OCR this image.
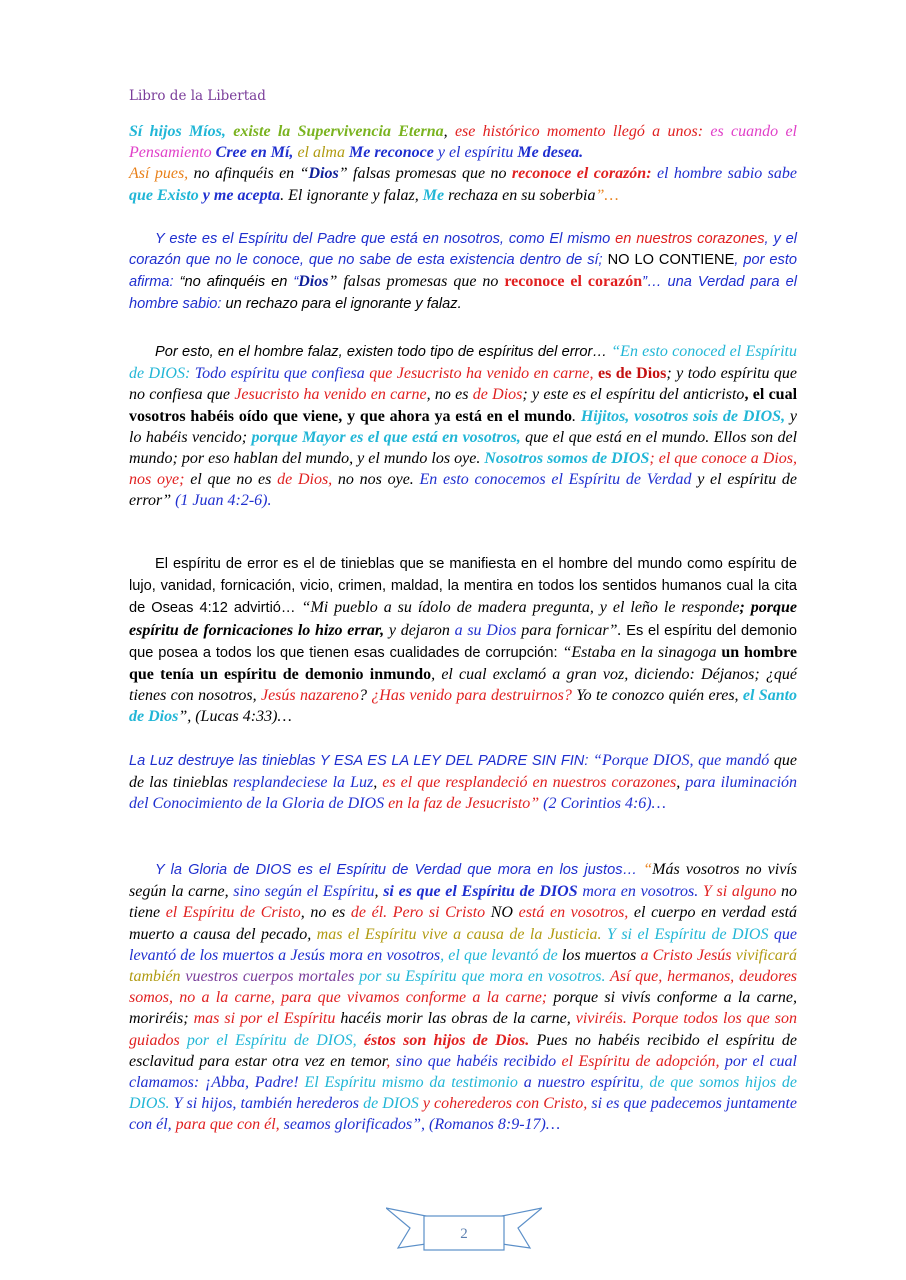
Libro de la Libertad

Sí hijos Míos, existe la Supervivencia Eterna, ese histórico momento llegó a unos: es cuando el Pensamiento Cree en Mí, el alma Me reconoce y el espíritu Me desea.
Así pues, no afinquéis en “Dios” falsas promesas que no reconoce el corazón: el hombre sabio sabe que Existo y me acepta. El ignorante y falaz, Me rechaza en su soberbia”…

Y este es el Espíritu del Padre que está en nosotros, como El mismo en nuestros corazones, y el corazón que no le conoce, que no sabe de esta existencia dentro de sí; NO LO CONTIENE, por esto afirma: “no afinquéis en “Dios” falsas promesas que no reconoce el corazón”… una Verdad para el hombre sabio: un rechazo para el ignorante y falaz.

Por esto, en el hombre falaz, existen todo tipo de espíritus del error… “En esto conoced el Espíritu de DIOS: Todo espíritu que confiesa que Jesucristo ha venido en carne, es de Dios; y todo espíritu que no confiesa que Jesucristo ha venido en carne, no es de Dios; y este es el espíritu del anticristo, el cual vosotros habéis oído que viene, y que ahora ya está en el mundo. Hijitos, vosotros sois de DIOS, y lo habéis vencido; porque Mayor es el que está en vosotros, que el que está en el mundo. Ellos son del mundo; por eso hablan del mundo, y el mundo los oye. Nosotros somos de DIOS; el que conoce a Dios, nos oye; el que no es de Dios, no nos oye. En esto conocemos el Espíritu de Verdad y el espíritu de error” (1 Juan 4:2-6).

El espíritu de error es el de tinieblas que se manifiesta en el hombre del mundo como espíritu de lujo, vanidad, fornicación, vicio, crimen, maldad, la mentira en todos los sentidos humanos cual la cita de Oseas 4:12 advirtió… “Mi pueblo a su ídolo de madera pregunta, y el leño le responde; porque espíritu de fornicaciones lo hizo errar, y dejaron a su Dios para fornicar”. Es el espíritu del demonio que posea a todos los que tienen esas cualidades de corrupción: “Estaba en la sinagoga un hombre que tenía un espíritu de demonio inmundo, el cual exclamó a gran voz, diciendo: Déjanos; ¿qué tienes con nosotros, Jesús nazareno? ¿Has venido para destruirnos? Yo te conozco quién eres, el Santo de Dios”, (Lucas 4:33)…

La Luz destruye las tinieblas Y ESA ES LA LEY DEL PADRE SIN FIN: “Porque DIOS, que mandó que de las tinieblas resplandeciese la Luz, es el que resplandeció en nuestros corazones, para iluminación del Conocimiento de la Gloria de DIOS en la faz de Jesucristo” (2 Corintios 4:6)…

Y la Gloria de DIOS es el Espíritu de Verdad que mora en los justos… “Más vosotros no vivís según la carne, sino según el Espíritu, si es que el Espíritu de DIOS mora en vosotros. Y si alguno no tiene el Espíritu de Cristo, no es de él. Pero si Cristo NO está en vosotros, el cuerpo en verdad está muerto a causa del pecado, mas el Espíritu vive a causa de la Justicia. Y si el Espíritu de DIOS que levantó de los muertos a Jesús mora en vosotros, el que levantó de los muertos a Cristo Jesús vivificará también vuestros cuerpos mortales por su Espíritu que mora en vosotros. Así que, hermanos, deudores somos, no a la carne, para que vivamos conforme a la carne; porque si vivís conforme a la carne, moriréis; mas si por el Espíritu hacéis morir las obras de la carne, viviréis. Porque todos los que son guiados por el Espíritu de DIOS, éstos son hijos de Dios. Pues no habéis recibido el espíritu de esclavitud para estar otra vez en temor, sino que habéis recibido el Espíritu de adopción, por el cual clamamos: ¡Abba, Padre! El Espíritu mismo da testimonio a nuestro espíritu, de que somos hijos de DIOS. Y si hijos, también herederos de DIOS y coherederos con Cristo, si es que padecemos juntamente con él, para que con él, seamos glorificados”, (Romanos 8:9-17)…

2
